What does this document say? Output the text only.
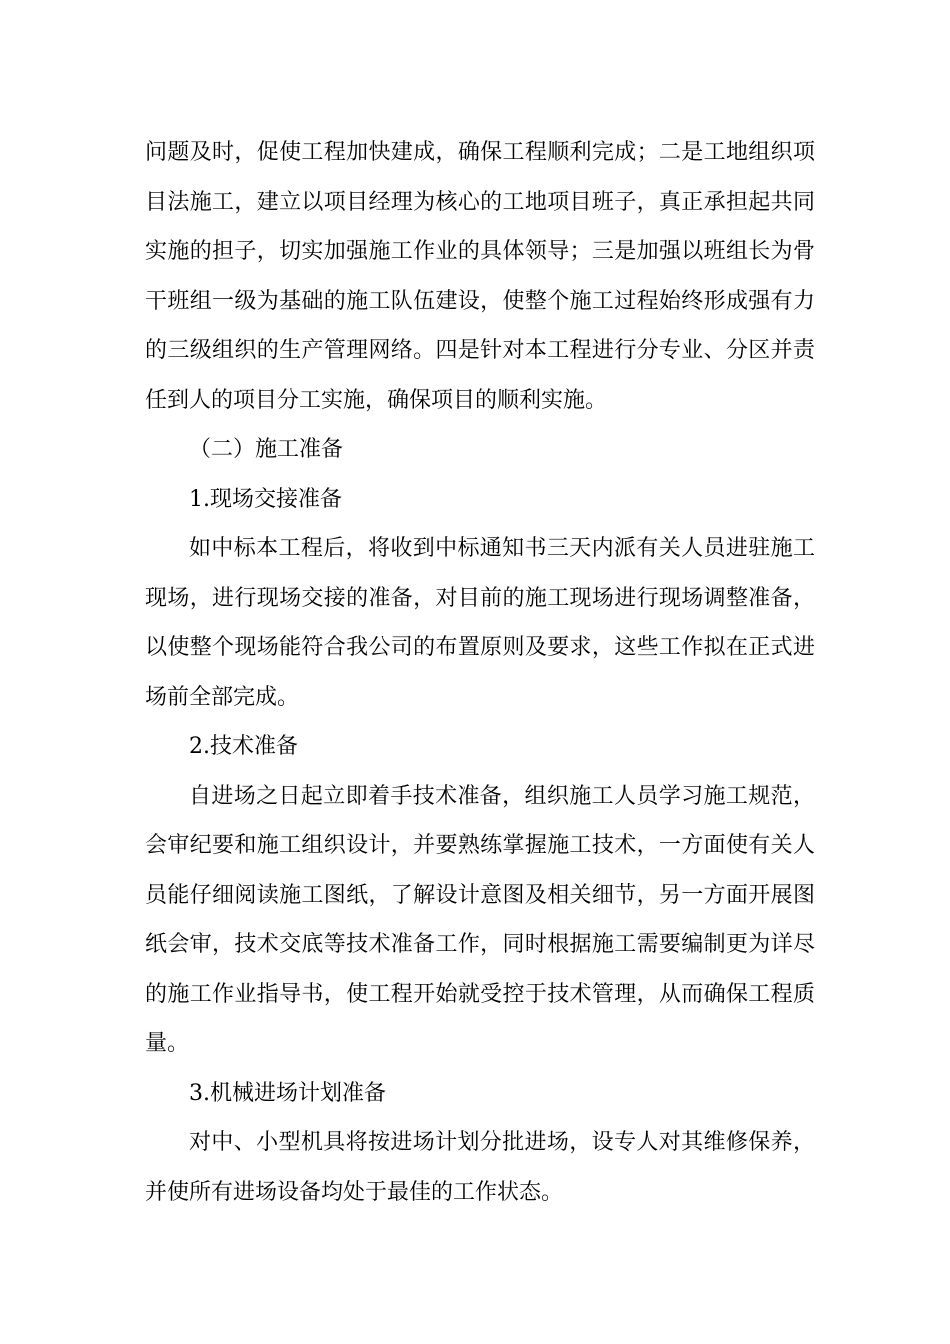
问题及时，促使工程加快建成，确保工程顺利完成；二是工地组织项目法施工，建立以项目经理为核心的工地项目班子，真正承担起共同实施的担子，切实加强施工作业的具体领导；三是加强以班组长为骨干班组一级为基础的施工队伍建设，使整个施工过程始终形成强有力的三级组织的生产管理网络。四是针对本工程进行分专业、分区并责任到人的项目分工实施，确保项目的顺利实施。

（二）施工准备

1.现场交接准备

如中标本工程后，将收到中标通知书三天内派有关人员进驻施工现场，进行现场交接的准备，对目前的施工现场进行现场调整准备，以使整个现场能符合我公司的布置原则及要求，这些工作拟在正式进场前全部完成。

2.技术准备

自进场之日起立即着手技术准备，组织施工人员学习施工规范，会审纪要和施工组织设计，并要熟练掌握施工技术，一方面使有关人员能仔细阅读施工图纸，了解设计意图及相关细节，另一方面开展图纸会审，技术交底等技术准备工作，同时根据施工需要编制更为详尽的施工作业指导书，使工程开始就受控于技术管理，从而确保工程质量。

3.机械进场计划准备

对中、小型机具将按进场计划分批进场，设专人对其维修保养，并使所有进场设备均处于最佳的工作状态。
